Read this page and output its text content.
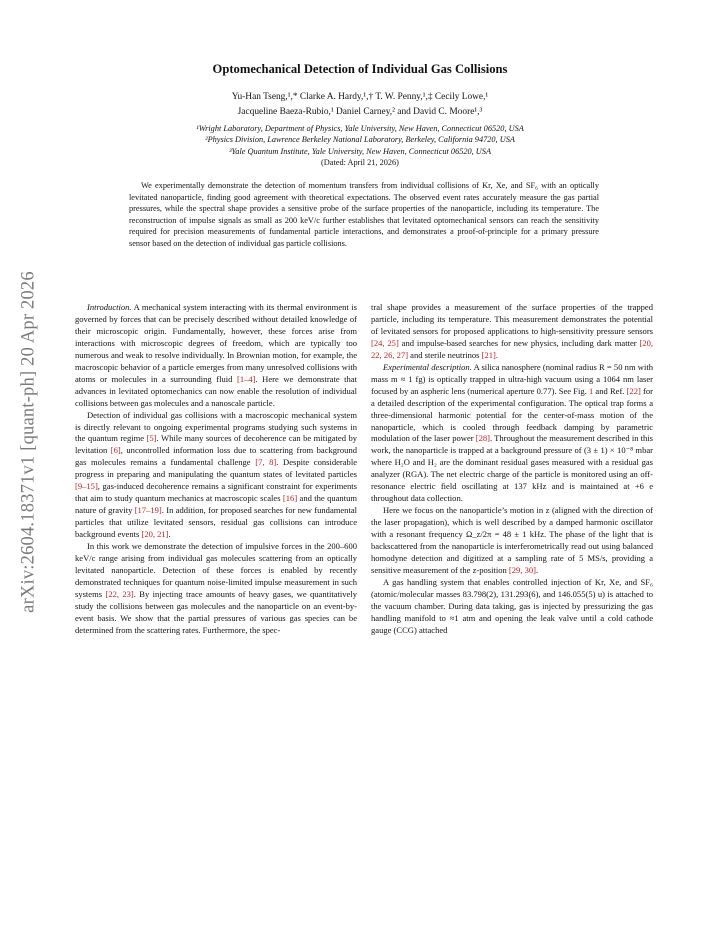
arXiv:2604.18371v1 [quant-ph] 20 Apr 2026
Optomechanical Detection of Individual Gas Collisions
Yu-Han Tseng,¹,* Clarke A. Hardy,¹,† T. W. Penny,¹,‡ Cecily Lowe,¹
Jacqueline Baeza-Rubio,¹ Daniel Carney,² and David C. Moore¹,³
¹Wright Laboratory, Department of Physics, Yale University, New Haven, Connecticut 06520, USA
²Physics Division, Lawrence Berkeley National Laboratory, Berkeley, California 94720, USA
³Yale Quantum Institute, Yale University, New Haven, Connecticut 06520, USA
(Dated: April 21, 2026)
We experimentally demonstrate the detection of momentum transfers from individual collisions of Kr, Xe, and SF₆ with an optically levitated nanoparticle, finding good agreement with theoretical expectations. The observed event rates accurately measure the gas partial pressures, while the spectral shape provides a sensitive probe of the surface properties of the nanoparticle, including its temperature. The reconstruction of impulse signals as small as 200 keV/c further establishes that levitated optomechanical sensors can reach the sensitivity required for precision measurements of fundamental particle interactions, and demonstrates a proof-of-principle for a primary pressure sensor based on the detection of individual gas particle collisions.

Introduction. A mechanical system interacting with its thermal environment is governed by forces that can be precisely described without detailed knowledge of their microscopic origin. Fundamentally, however, these forces arise from interactions with microscopic degrees of freedom, which are typically too numerous and weak to resolve individually. In Brownian motion, for example, the macroscopic behavior of a particle emerges from many unresolved collisions with atoms or molecules in a surrounding fluid [1–4]. Here we demonstrate that advances in levitated optomechanics can now enable the resolution of individual collisions between gas molecules and a nanoscale particle.

Detection of individual gas collisions with a macroscopic mechanical system is directly relevant to ongoing experimental programs studying such systems in the quantum regime [5]. While many sources of decoherence can be mitigated by levitation [6], uncontrolled information loss due to scattering from background gas molecules remains a fundamental challenge [7, 8]. Despite considerable progress in preparing and manipulating the quantum states of levitated particles [9–15], gas-induced decoherence remains a significant constraint for experiments that aim to study quantum mechanics at macroscopic scales [16] and the quantum nature of gravity [17–19]. In addition, for proposed searches for new fundamental particles that utilize levitated sensors, residual gas collisions can introduce background events [20, 21].

In this work we demonstrate the detection of impulsive forces in the 200–600 keV/c range arising from individual gas molecules scattering from an optically levitated nanoparticle. Detection of these forces is enabled by recently demonstrated techniques for quantum noise-limited impulse measurement in such systems [22, 23]. By injecting trace amounts of heavy gases, we quantitatively study the collisions between gas molecules and the nanoparticle on an event-by-event basis. We show that the partial pressures of various gas species can be determined from the scattering rates. Furthermore, the spec-

tral shape provides a measurement of the surface properties of the trapped particle, including its temperature. This measurement demonstrates the potential of levitated sensors for proposed applications to high-sensitivity pressure sensors [24, 25] and impulse-based searches for new physics, including dark matter [20, 22, 26, 27] and sterile neutrinos [21].

Experimental description. A silica nanosphere (nominal radius R = 50 nm with mass m ≈ 1 fg) is optically trapped in ultra-high vacuum using a 1064 nm laser focused by an aspheric lens (numerical aperture 0.77). See Fig. 1 and Ref. [22] for a detailed description of the experimental configuration. The optical trap forms a three-dimensional harmonic potential for the center-of-mass motion of the nanoparticle, which is cooled through feedback damping by parametric modulation of the laser power [28]. Throughout the measurement described in this work, the nanoparticle is trapped at a background pressure of (3 ± 1) × 10⁻⁸ mbar where H₂O and H₂ are the dominant residual gases measured with a residual gas analyzer (RGA). The net electric charge of the particle is monitored using an off-resonance electric field oscillating at 137 kHz and is maintained at +6 e throughout data collection.

Here we focus on the nanoparticle’s motion in z (aligned with the direction of the laser propagation), which is well described by a damped harmonic oscillator with a resonant frequency Ω_z/2π = 48 ± 1 kHz. The phase of the light that is backscattered from the nanoparticle is interferometrically read out using balanced homodyne detection and digitized at a sampling rate of 5 MS/s, providing a sensitive measurement of the z-position [29, 30].

A gas handling system that enables controlled injection of Kr, Xe, and SF₆ (atomic/molecular masses 83.798(2), 131.293(6), and 146.055(5) u) is attached to the vacuum chamber. During data taking, gas is injected by pressurizing the gas handling manifold to ≈1 atm and opening the leak valve until a cold cathode gauge (CCG) attached
